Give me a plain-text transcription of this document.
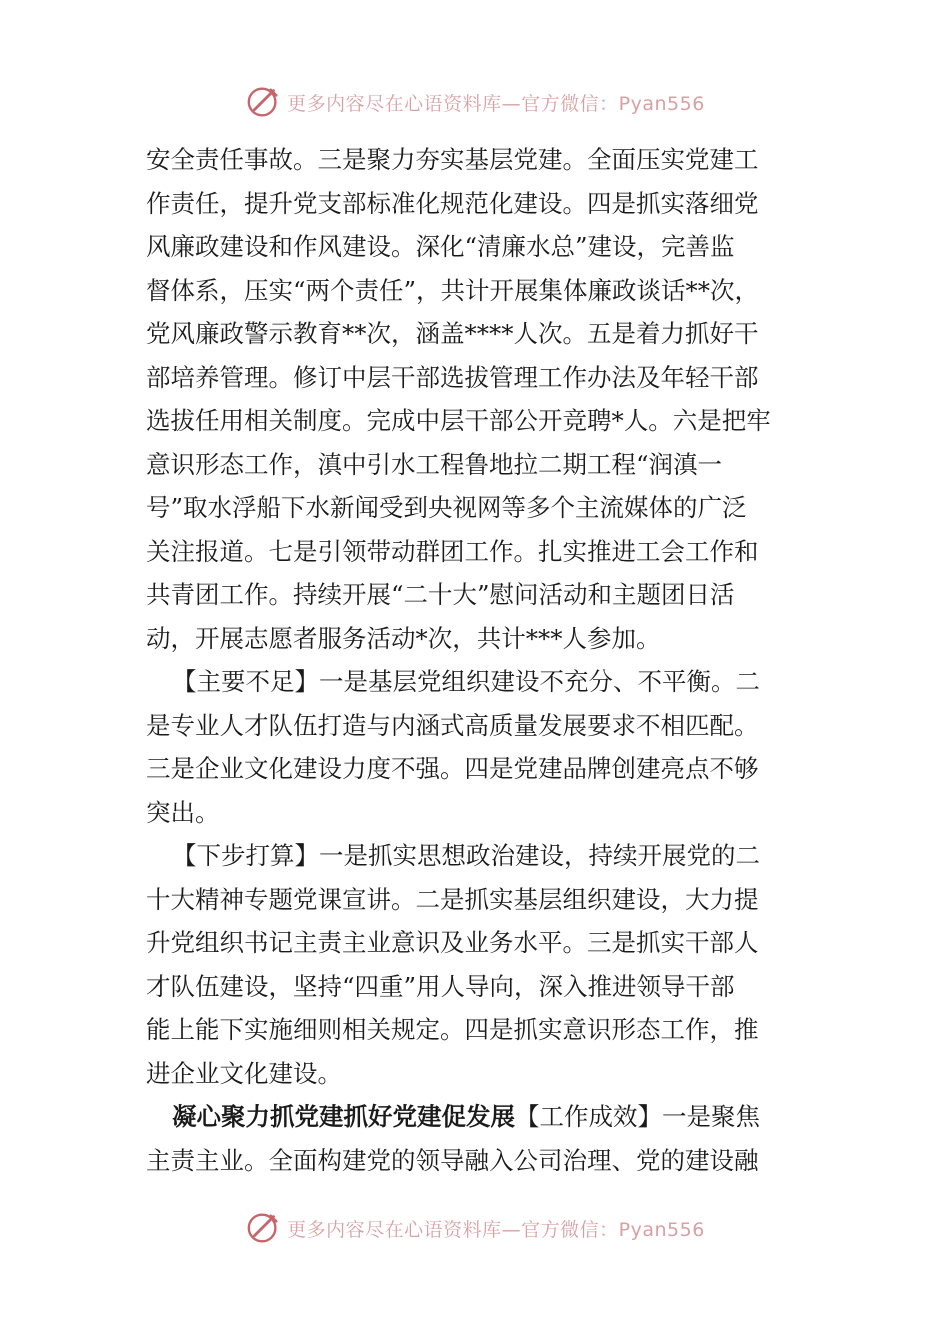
更多内容尽在心语资料库—官方微信：Pyan556
安全责任事故。三是聚力夯实基层党建。全面压实党建工
作责任，提升党支部标准化规范化建设。四是抓实落细党
风廉政建设和作风建设。深化“清廉水总”建设，完善监
督体系，压实“两个责任”，共计开展集体廉政谈话**次，
党风廉政警示教育**次，涵盖****人次。五是着力抓好干
部培养管理。修订中层干部选拔管理工作办法及年轻干部
选拔任用相关制度。完成中层干部公开竞聘*人。六是把牢
意识形态工作，滇中引水工程鲁地拉二期工程“润滇一
号”取水浮船下水新闻受到央视网等多个主流媒体的广泛
关注报道。七是引领带动群团工作。扎实推进工会工作和
共青团工作。持续开展“二十大”慰问活动和主题团日活
动，开展志愿者服务活动*次，共计***人参加。
【主要不足】一是基层党组织建设不充分、不平衡。二
是专业人才队伍打造与内涵式高质量发展要求不相匹配。
三是企业文化建设力度不强。四是党建品牌创建亮点不够
突出。
【下步打算】一是抓实思想政治建设，持续开展党的二
十大精神专题党课宣讲。二是抓实基层组织建设，大力提
升党组织书记主责主业意识及业务水平。三是抓实干部人
才队伍建设，坚持“四重”用人导向，深入推进领导干部
能上能下实施细则相关规定。四是抓实意识形态工作，推
进企业文化建设。
凝心聚力抓党建抓好党建促发展【工作成效】一是聚焦
主责主业。全面构建党的领导融入公司治理、党的建设融
更多内容尽在心语资料库—官方微信：Pyan556
